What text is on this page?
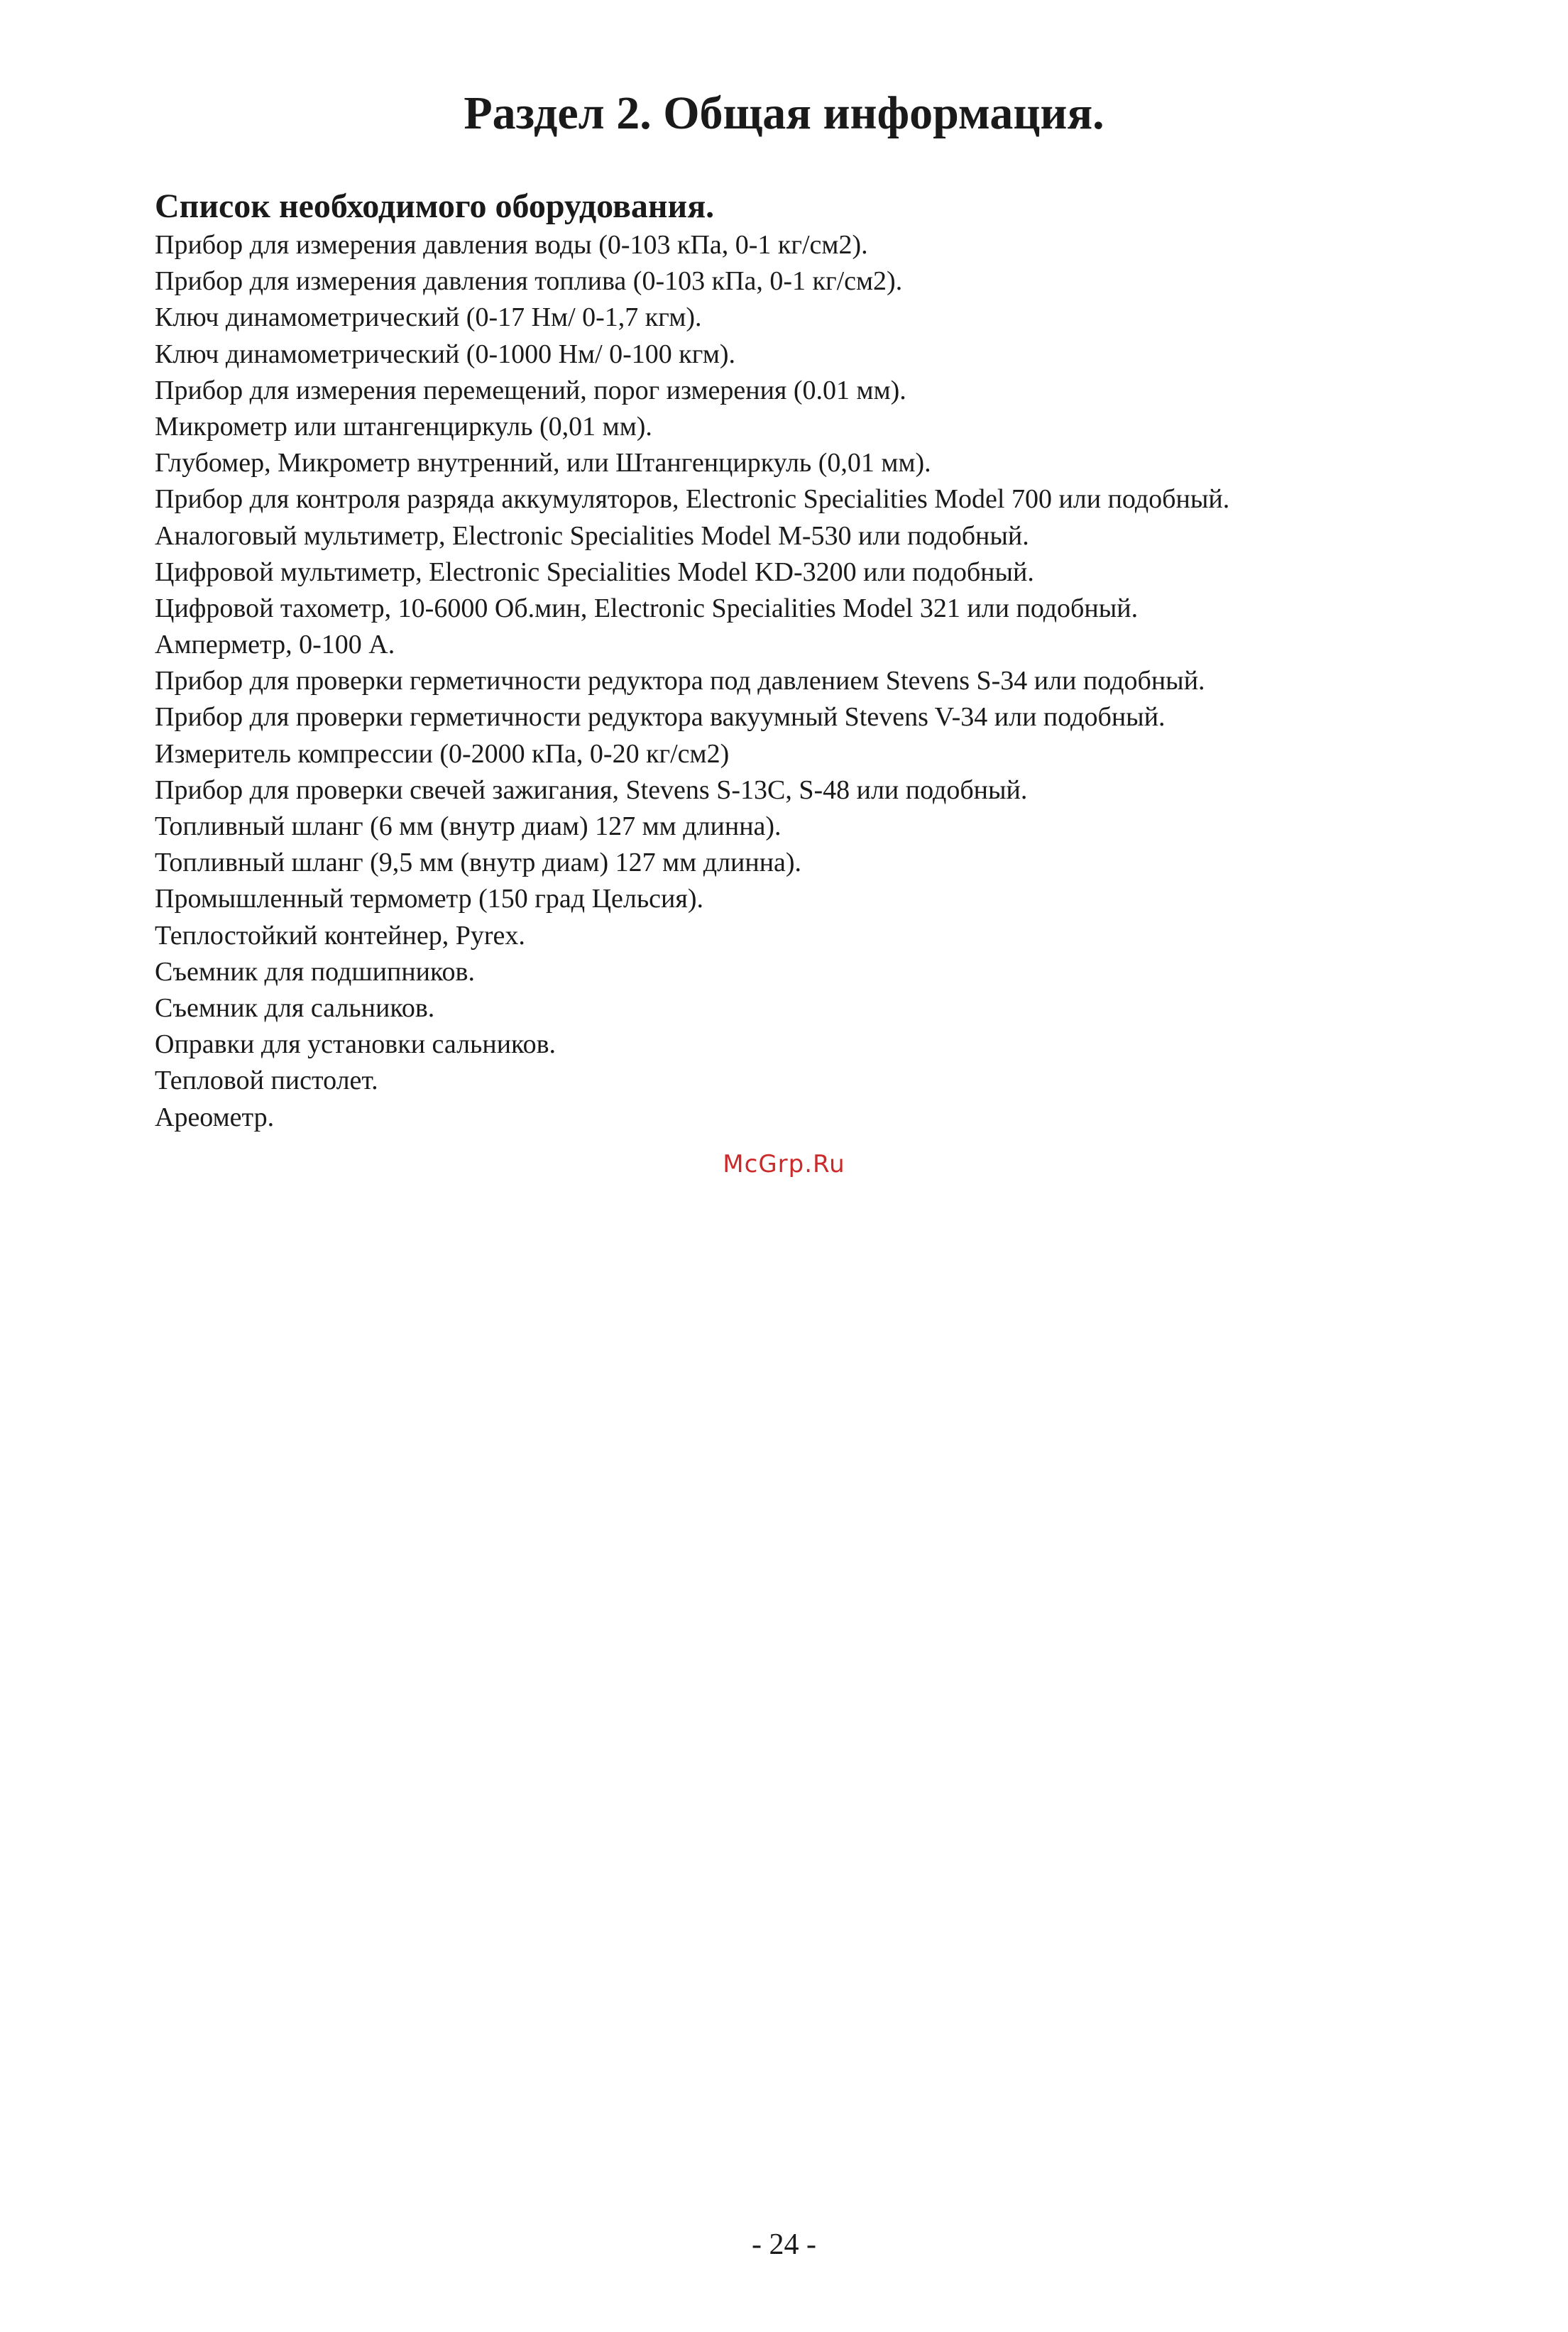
Раздел 2. Общая информация.
Список необходимого оборудования.
Прибор для измерения давления воды (0-103 кПа, 0-1 кг/см2).
Прибор для измерения давления топлива (0-103 кПа, 0-1 кг/см2).
Ключ динамометрический (0-17 Нм/ 0-1,7 кгм).
Ключ динамометрический (0-1000 Нм/ 0-100 кгм).
Прибор для измерения перемещений, порог измерения (0.01 мм).
Микрометр или штангенциркуль (0,01 мм).
Глубомер, Микрометр внутренний, или Штангенциркуль (0,01 мм).
Прибор для контроля разряда аккумуляторов, Electronic Specialities Model 700 или подобный.
Аналоговый мультиметр, Electronic Specialities Model M-530 или подобный.
Цифровой мультиметр, Electronic Specialities Model KD-3200 или подобный.
Цифровой тахометр, 10-6000 Об.мин, Electronic Specialities Model 321 или подобный.
Амперметр, 0-100 А.
Прибор для проверки герметичности редуктора под давлением Stevens S-34 или подобный.
Прибор для проверки герметичности редуктора вакуумный Stevens V-34 или подобный.
Измеритель компрессии (0-2000 кПа, 0-20 кг/см2)
Прибор для проверки свечей зажигания, Stevens S-13C, S-48 или подобный.
Топливный шланг (6 мм (внутр диам) 127 мм длинна).
Топливный шланг (9,5 мм (внутр диам) 127 мм длинна).
Промышленный термометр (150 град Цельсия).
Теплостойкий контейнер, Pyrex.
Съемник для подшипников.
Съемник для сальников.
Оправки для установки сальников.
Тепловой пистолет.
Ареометр.
McGrp.Ru
- 24 -
